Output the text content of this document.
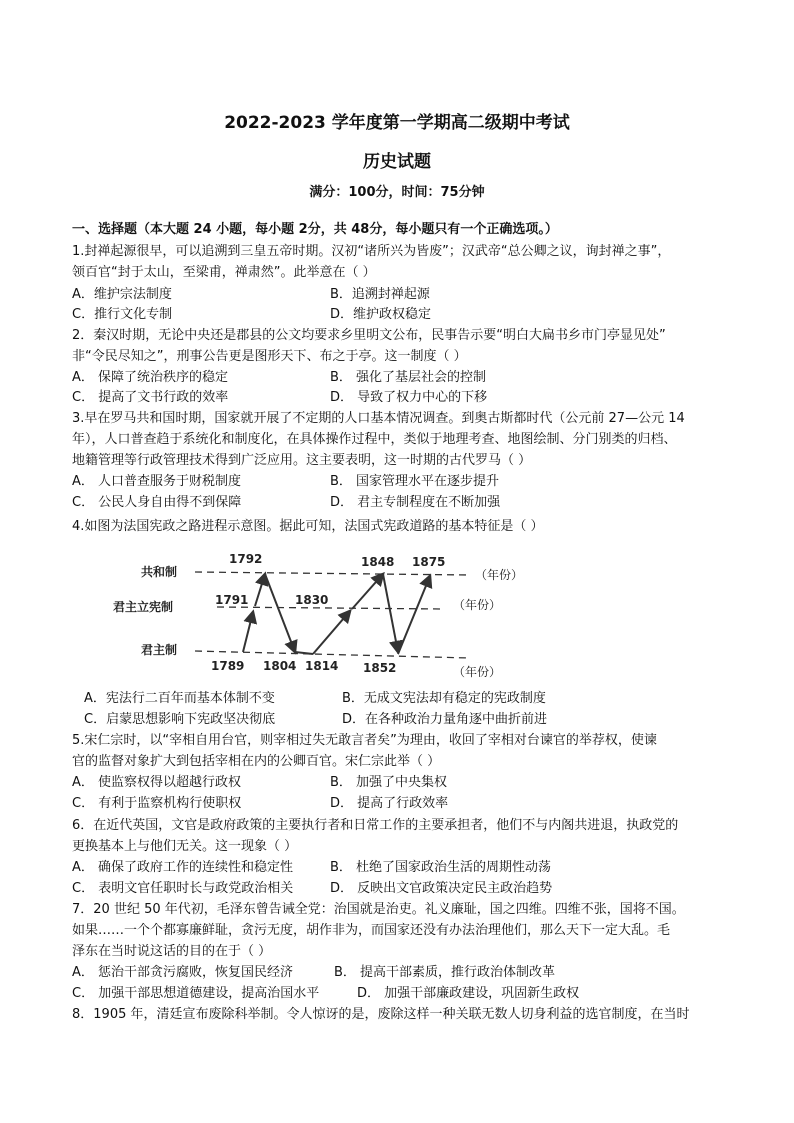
2022-2023 学年度第一学期高二级期中考试
历史试题
满分：100分，时间：75分钟
一、选择题（本大题 24 小题，每小题 2分，共 48分，每小题只有一个正确选项。）
1.封禅起源很早，可以追溯到三皇五帝时期。汉初“诸所兴为皆废”；汉武帝“总公卿之议，询封禅之事”，
领百官“封于太山，至梁甫，禅肃然”。此举意在（ ）
A．维护宗法制度	B．追溯封禅起源
C．推行文化专制	D．维护政权稳定
2．秦汉时期，无论中央还是郡县的公文均要求乡里明文公布，民事告示要“明白大扁书乡市门亭显见处”
非“令民尽知之”，刑事公告更是图形天下、布之于亭。这一制度（ ）
A． 保障了统治秩序的稳定	B． 强化了基层社会的控制
C． 提高了文书行政的效率	D． 导致了权力中心的下移
3.早在罗马共和国时期，国家就开展了不定期的人口基本情况调查。到奥古斯都时代（公元前 27—公元 14
年），人口普查趋于系统化和制度化，在具体操作过程中，类似于地理考查、地图绘制、分门别类的归档、
地籍管理等行政管理技术得到广泛应用。这主要表明，这一时期的古代罗马（ ）
A． 人口普查服务于财税制度	B． 国家管理水平在逐步提升
C． 公民人身自由得不到保障	D． 君主专制程度在不断加强
4.如图为法国宪政之路进程示意图。据此可知，法国式宪政道路的基本特征是（ ）
共和制
君主立宪制
君主制
（年份）
（年份）
（年份）
1792	1848 1875
1791	1830
1789 1804 1814 1852
A．宪法行二百年而基本体制不变	B．无成文宪法却有稳定的宪政制度
C．启蒙思想影响下宪政坚决彻底	D．在各种政治力量角逐中曲折前进
5.宋仁宗时，以“宰相自用台官，则宰相过失无敢言者矣”为理由，收回了宰相对台谏官的举荐权，使谏
官的监督对象扩大到包括宰相在内的公卿百官。宋仁宗此举（ ）
A． 使监察权得以超越行政权	B． 加强了中央集权
C． 有利于监察机构行使职权	D． 提高了行政效率
6．在近代英国，文官是政府政策的主要执行者和日常工作的主要承担者，他们不与内阁共进退，执政党的
更换基本上与他们无关。这一现象（ ）
A． 确保了政府工作的连续性和稳定性	B． 杜绝了国家政治生活的周期性动荡
C． 表明文官任职时长与政党政治相关	D． 反映出文官政策决定民主政治趋势
7．20 世纪 50 年代初，毛泽东曾告诫全党：治国就是治吏。礼义廉耻，国之四维。四维不张，国将不国。
如果……一个个都寡廉鲜耻，贪污无度，胡作非为，而国家还没有办法治理他们，那么天下一定大乱。毛
泽东在当时说这话的目的在于（ ）
A． 惩治干部贪污腐败，恢复国民经济	B． 提高干部素质，推行政治体制改革
C． 加强干部思想道德建设，提高治国水平	D． 加强干部廉政建设，巩固新生政权
8．1905 年，清廷宣布废除科举制。令人惊讶的是，废除这样一种关联无数人切身利益的选官制度，在当时
